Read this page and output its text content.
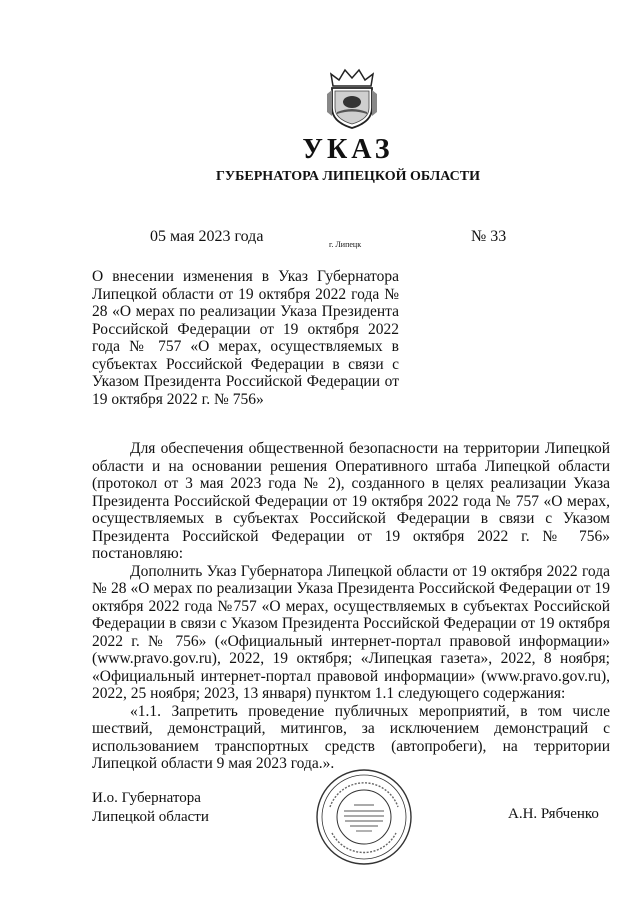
УКАЗ
ГУБЕРНАТОРА ЛИПЕЦКОЙ ОБЛАСТИ
05 мая 2023 года	г. Липецк	№ 33
О внесении изменения в Указ Губернатора Липецкой области от 19 октября 2022 года № 28 «О мерах по реализации Указа Президента Российской Федерации от 19 октября 2022 года № 757 «О мерах, осуществляемых в субъектах Российской Федерации в связи с Указом Президента Российской Федерации от 19 октября 2022 г. № 756»

Для обеспечения общественной безопасности на территории Липецкой области и на основании решения Оперативного штаба Липецкой области (протокол от 3 мая 2023 года № 2), созданного в целях реализации Указа Президента Российской Федерации от 19 октября 2022 года № 757 «О мерах, осуществляемых в субъектах Российской Федерации в связи с Указом Президента Российской Федерации от 19 октября 2022 г. № 756» постановляю:

Дополнить Указ Губернатора Липецкой области от 19 октября 2022 года № 28 «О мерах по реализации Указа Президента Российской Федерации от 19 октября 2022 года №757 «О мерах, осуществляемых в субъектах Российской Федерации в связи с Указом Президента Российской Федерации от 19 октября 2022 г. № 756» («Официальный интернет-портал правовой информации» (www.pravo.gov.ru), 2022, 19 октября; «Липецкая газета», 2022, 8 ноября; «Официальный интернет-портал правовой информации» (www.pravo.gov.ru), 2022, 25 ноября; 2023, 13 января) пунктом 1.1 следующего содержания:

«1.1. Запретить проведение публичных мероприятий, в том числе шествий, демонстраций, митингов, за исключением демонстраций с использованием транспортных средств (автопробеги), на территории Липецкой области 9 мая 2023 года.».

И.о. Губернатора
Липецкой области	А.Н. Рябченко
